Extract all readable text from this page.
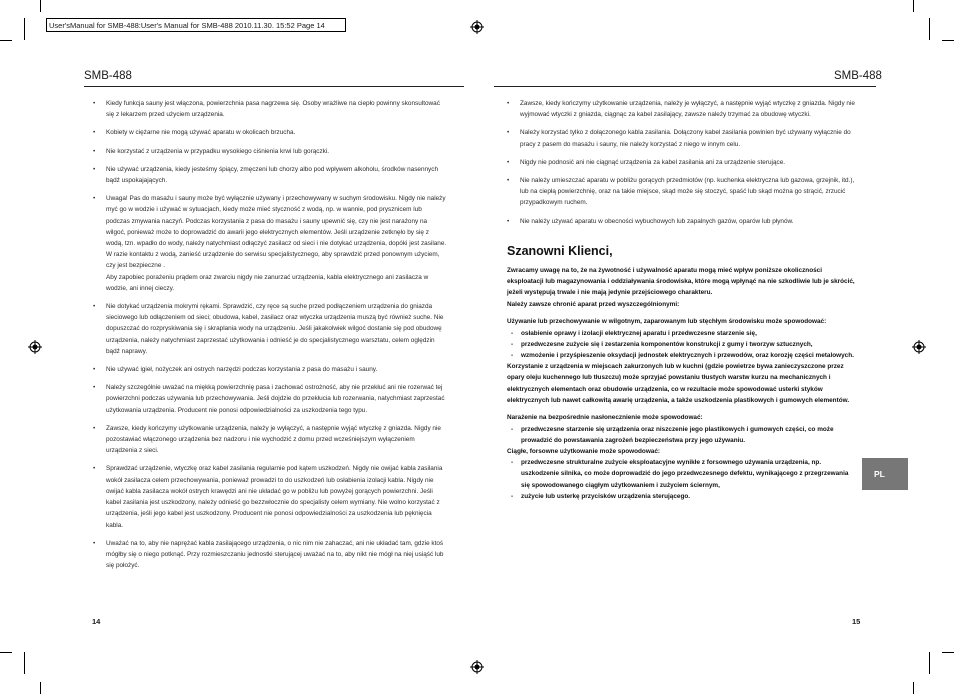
User'sManual for SMB-488:User's Manual for SMB-488 2010.11.30. 15:52 Page 14
SMB-488	SMB-488
• Kiedy funkcja sauny jest włączona, powierzchnia pasa nagrzewa się. Osoby wrażliwe na ciepło powinny skonsultować się z lekarzem przed użyciem urządzenia.
• Kobiety w ciężarne nie mogą używać aparatu w okolicach brzucha.
• Nie korzystać z urządzenia w przypadku wysokiego ciśnienia krwi lub gorączki.
• Nie używać urządzenia, kiedy jesteśmy śpiący, zmęczeni lub chorzy albo pod wpływem alkoholu, środków nasennych bądź uspokajających.
• Uwaga! Pas do masażu i sauny może być wyłącznie używany i przechowywany w suchym środowisku. Nigdy nie należy myć go w wodzie i używać w sytuacjach, kiedy może mieć styczność z wodą, np. w wannie, pod prysznicem lub podczas zmywania naczyń. Podczas korzystania z pasa do masażu i sauny upewnić się, czy nie jest narażony na wilgoć, ponieważ może to doprowadzić do awarii jego elektrycznych elementów. Jeśli urządzenie zetknęło by się z wodą, tzn. wpadło do wody, należy natychmiast odłączyć zasilacz od sieci i nie dotykać urządzenia, dopóki jest zasilane. W razie kontaktu z wodą, zanieść urządzenie do serwisu specjalistycznego, aby sprawdzić przed ponownym użyciem, czy jest bezpieczne .
Aby zapobiec porażeniu prądem oraz zwarciu nigdy nie zanurzać urządzenia, kabla elektrycznego ani zasilacza w wodzie, ani innej cieczy.
• Nie dotykać urządzenia mokrymi rękami. Sprawdzić, czy ręce są suche przed podłączeniem urządzenia do gniazda sieciowego lub odłączeniem od sieci; obudowa, kabel, zasilacz oraz wtyczka urządzenia muszą być również suche. Nie dopuszczać do rozpryskiwania się i skraplania wody na urządzeniu. Jeśli jakakolwiek wilgoć dostanie się pod obudowę urządzenia, należy natychmiast zaprzestać użytkowania i odnieść je do specjalistycznego warsztatu, celem oględzin bądź naprawy.
• Nie używać igieł, nożyczek ani ostrych narzędzi podczas korzystania z pasa do masażu i sauny.
• Należy szczególnie uważać na miękką powierzchnię pasa i zachować ostrożność, aby nie przekłuć ani nie rozerwać tej powierzchni podczas używania lub przechowywania. Jeśli dojdzie do przekłucia lub rozerwania, natychmiast zaprzestać użytkowania urządzenia. Producent nie ponosi odpowiedzialności za uszkodzenia tego typu.
• Zawsze, kiedy kończymy użytkowanie urządzenia, należy je wyłączyć, a następnie wyjąć wtyczkę z gniazda. Nigdy nie pozostawiać włączonego urządzenia bez nadzoru i nie wychodzić z domu przed wcześniejszym wyłączeniem urządzenia z sieci.
• Sprawdzać urządzenie, wtyczkę oraz kabel zasilania regularnie pod kątem uszkodzeń. Nigdy nie owijać kabla zasilania wokół zasilacza celem przechowywania, ponieważ prowadzi to do uszkodzeń lub osłabienia izolacji kabla. Nigdy nie owijać kabla zasilacza wokół ostrych krawędzi ani nie układać go w pobliżu lub powyżej gorących powierzchni. Jeśli kabel zasilania jest uszkodzony, należy odnieść go bezzwłocznie do specjalisty celem wymiany. Nie wolno korzystać z urządzenia, jeśli jego kabel jest uszkodzony. Producent nie ponosi odpowiedzialności za uszkodzenia lub pęknięcia kabla.
• Uważać na to, aby nie naprężać kabla zasilającego urządzenia, o nic nim nie zahaczać, ani nie układać tam, gdzie ktoś mógłby się o niego potknąć. Przy rozmieszczaniu jednostki sterującej uważać na to, aby nikt nie mógł na niej usiąść lub się położyć.
• Zawsze, kiedy kończymy użytkowanie urządzenia, należy je wyłączyć, a następnie wyjąć wtyczkę z gniazda. Nigdy nie wyjmować wtyczki z gniazda, ciągnąc za kabel zasilający, zawsze należy trzymać za obudowę wtyczki.
• Należy korzystać tylko z dołączonego kabla zasilania. Dołączony kabel zasilania powinien być używany wyłącznie do pracy z pasem do masażu i sauny, nie należy korzystać z niego w innym celu.
• Nigdy nie podnosić ani nie ciągnąć urządzenia za kabel zasilania ani za urządzenie sterujące.
• Nie należy umieszczać aparatu w pobliżu gorących przedmiotów (np. kuchenka elektryczna lub gazowa, grzejnik, itd.), lub na ciepłą powierzchnię, oraz na takie miejsce, skąd może się stoczyć, spaść lub skąd można go strącić, zrzucić przypadkowym ruchem.
• Nie należy używać aparatu w obecności wybuchowych lub zapalnych gazów, oparów lub płynów.

Szanowni Klienci,

Zwracamy uwagę na to, że na żywotność i używalność aparatu mogą mieć wpływ poniższe okoliczności eksploatacji lub magazynowania i oddziaływania środowiska, które mogą wpłynąć na nie szkodliwie lub je skrócić, jeżeli występują trwale i nie mają jedynie przejściowego charakteru.

Należy zawsze chronić aparat przed wyszczególnionymi:

Używanie lub przechowywanie w wilgotnym, zaparowanym lub stęchłym środowisku może spowodować:

- osłabienie oprawy i izolacji elektrycznej aparatu i przedwczesne starzenie się,
- przedwczesne zużycie się i zestarzenia komponentów konstrukcji z gumy i tworzyw sztucznych,
- wzmożenie i przyśpieszenie oksydacji jednostek elektrycznych i przewodów, oraz korozję części metalowych.

Korzystanie z urządzenia w miejscach zakurzonych lub w kuchni (gdzie powietrze bywa zanieczyszczone przez opary oleju kuchennego lub tłuszczu) może sprzyjać powstaniu tłustych warstw kurzu na mechanicznych i elektrycznych elementach oraz obudowie urządzenia, co w rezultacie może spowodować usterki styków elektrycznych lub nawet całkowitą awarię urządzenia, a także uszkodzenia plastikowych i gumowych elementów.

Narażenie na bezpośrednie nasłonecznienie może spowodować:

- przedwczesne starzenie się urządzenia oraz niszczenie jego plastikowych i gumowych części, co może prowadzić do powstawania zagrożeń bezpieczeństwa przy jego używaniu.

Ciągłe, forsowne użytkowanie może spowodować:

- przedwczesne strukturalne zużycie eksploatacyjne wynikłe z forsownego używania urządzenia, np. uszkodzenie silnika, co może doprowadzić do jego przedwczesnego defektu, wynikającego z przegrzewania się spowodowanego ciągłym użytkowaniem i zużyciem ściernym,
- zużycie lub usterkę przycisków urządzenia sterującego.
PL
14	15
